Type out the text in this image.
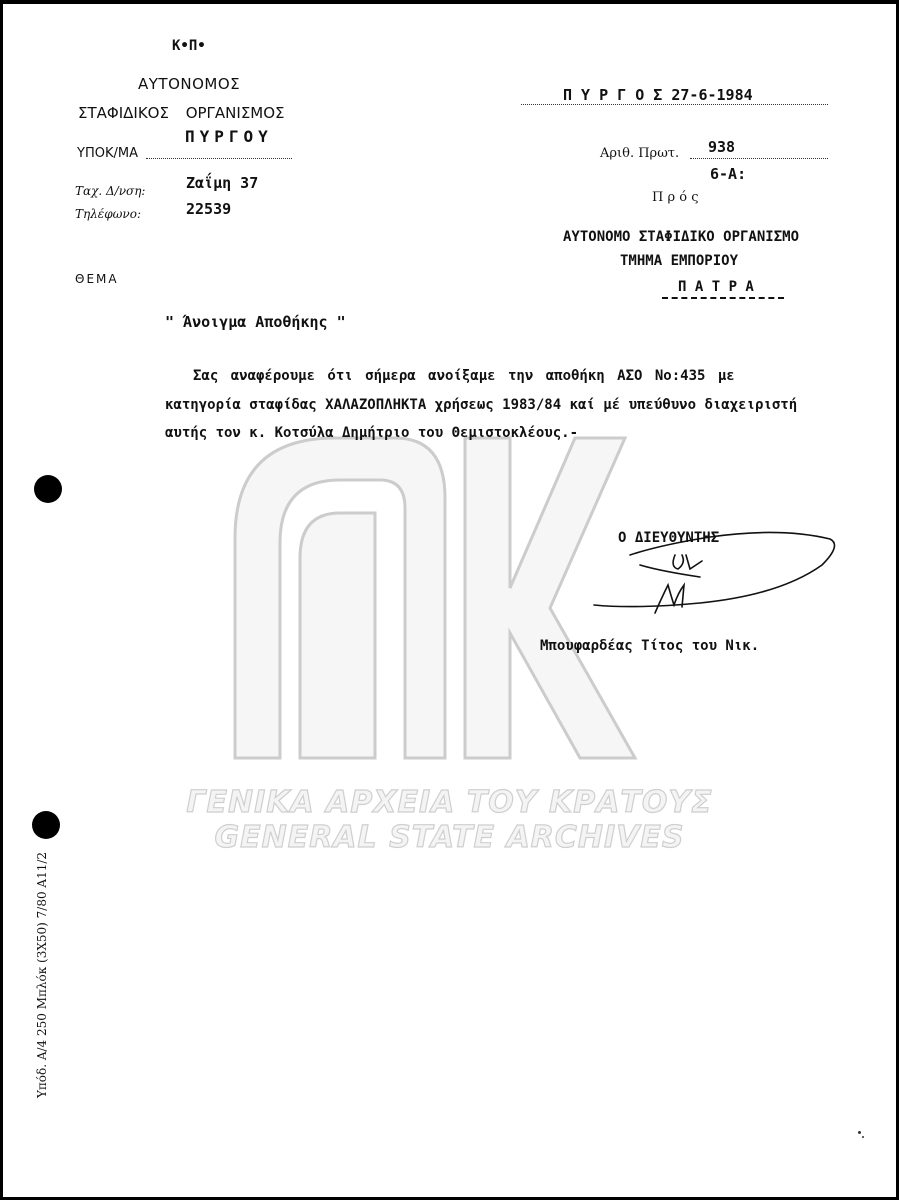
ΓΕΝΙΚΑ ΑΡΧΕΙΑ ΤΟΥ ΚΡΑΤΟΥΣ
GENERAL STATE ARCHIVES
Κ•Π•
ΑΥΤΟΝΟΜΟΣ
ΣΤΑΦΙΔΙΚΟΣ ΟΡΓΑΝΙΣΜΟΣ
ΥΠΟΚ/ΜΑ
ΠΥΡΓΟΥ
Ταχ. Δ/νση:	Ζαΐμη 37
Τηλέφωνο:	22539
Π Υ Ρ Γ Ο Σ 27-6-1984
Αριθ. Πρωτ. 938
6-Α:
Π ρ ό ς
ΑΥΤΟΝΟΜΟ ΣΤΑΦΙΔΙΚΟ ΟΡΓΑΝΙΣΜΟ
ΤΜΗΜΑ ΕΜΠΟΡΙΟΥ
Π Α Τ Ρ Α
ΘΕΜΑ
" Άνοιγμα Αποθήκης "
Σας αναφέρουμε ότι σήμερα ανοίξαμε την αποθήκη ΑΣΟ Νο:435 με
κατηγορία σταφίδας ΧΑΛΑΖΟΠΛΗΚΤΑ χρήσεως 1983/84 καί μέ υπεύθυνο διαχειριστή
αυτής τον κ. Κοτσύλα Δημήτριο του Θεμιστοκλέους.-
Ο ΔΙΕΥΘΥΝΤΗΣ
Μπουφαρδέας Τίτος του Νικ.
Υπόδ. Α/4 250 Μπλόκ (3Χ50) 7/80 Α11/2
